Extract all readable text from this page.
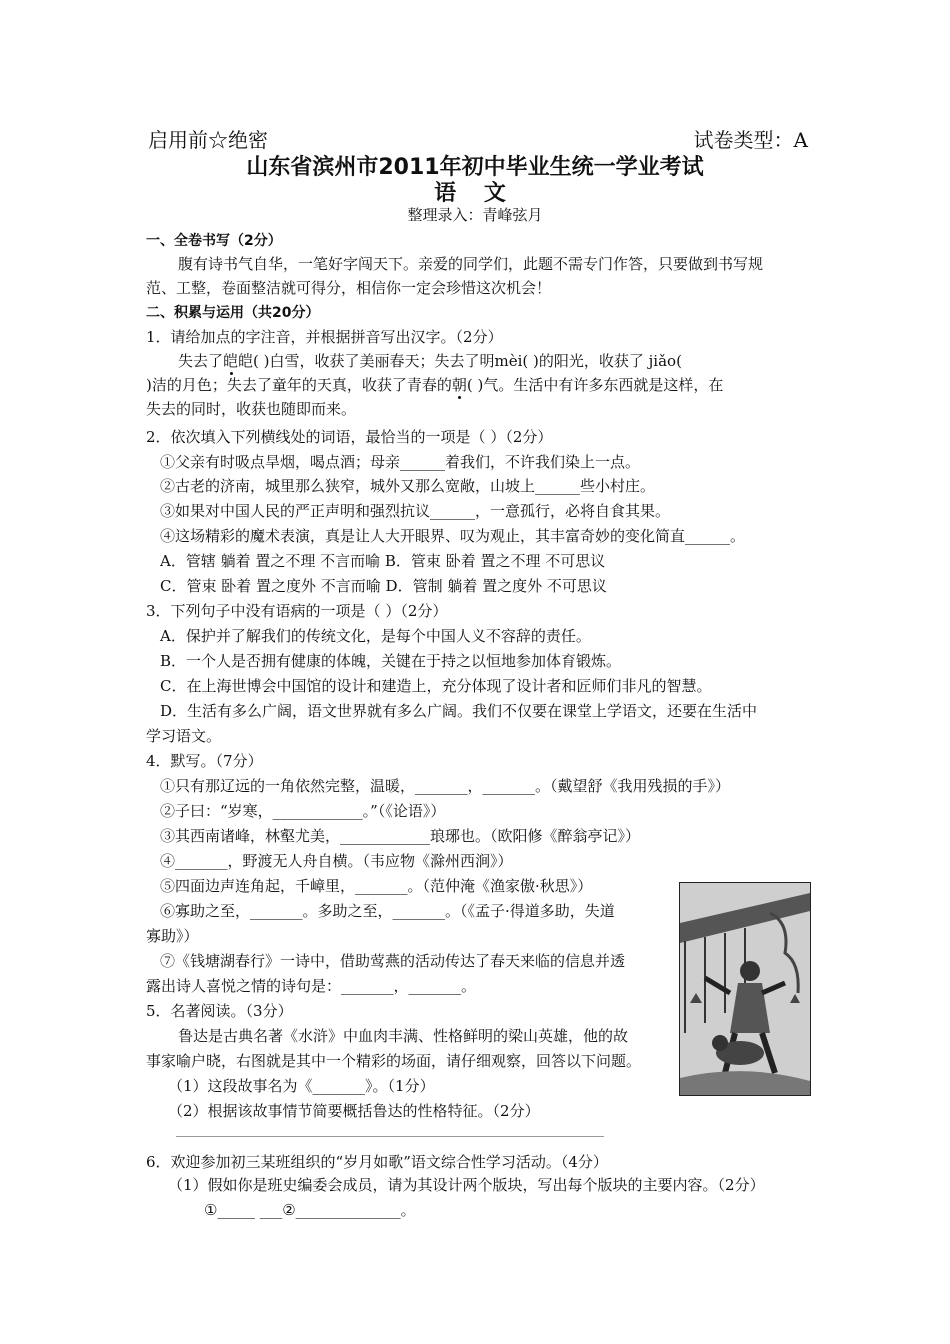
启用前☆绝密	试卷类型：A
山东省滨州市2011年初中毕业生统一学业考试
语 文
整理录入：青峰弦月
一、全卷书写（2分）
腹有诗书气自华，一笔好字闯天下。亲爱的同学们，此题不需专门作答，只要做到书写规
范、工整，卷面整洁就可得分，相信你一定会珍惜这次机会！
二、积累与运用（共20分）
1．请给加点的字注音，并根据拼音写出汉字。（2分）
失去了皑皑( )白雪，收获了美丽春天；失去了明mèi( )的阳光，收获了 jiǎo(
)洁的月色；失去了童年的天真，收获了青春的朝( )气。生活中有许多东西就是这样，在
失去的同时，收获也随即而来。
2．依次填入下列横线处的词语，最恰当的一项是（ ）（2分）
①父亲有时吸点旱烟，喝点酒；母亲______着我们，不许我们染上一点。
②古老的济南，城里那么狭窄，城外又那么宽敞，山坡上______些小村庄。
③如果对中国人民的严正声明和强烈抗议______，一意孤行，必将自食其果。
④这场精彩的魔术表演，真是让人大开眼界、叹为观止，其丰富奇妙的变化简直______。
A．管辖 躺着 置之不理 不言而喻 B．管束 卧着 置之不理 不可思议
C．管束 卧着 置之度外 不言而喻 D．管制 躺着 置之度外 不可思议
3．下列句子中没有语病的一项是（ ）（2分）
A．保护并了解我们的传统文化，是每个中国人义不容辞的责任。
B．一个人是否拥有健康的体魄，关键在于持之以恒地参加体育锻炼。
C．在上海世博会中国馆的设计和建造上，充分体现了设计者和匠师们非凡的智慧。
D．生活有多么广阔，语文世界就有多么广阔。我们不仅要在课堂上学语文，还要在生活中
学习语文。
4．默写。（7分）
①只有那辽远的一角依然完整，温暖，_______，_______。（戴望舒《我用残损的手》）
②子曰：“岁寒，____________。”（《论语》）
③其西南诸峰，林壑尤美，____________琅琊也。（欧阳修《醉翁亭记》）
④_______，野渡无人舟自横。（韦应物《滁州西涧》）
⑤四面边声连角起，千嶂里，_______。（范仲淹《渔家傲·秋思》）
⑥寡助之至，_______。多助之至，_______。（《孟子·得道多助，失道
寡助》）
⑦《钱塘湖春行》一诗中，借助莺燕的活动传达了春天来临的信息并透
露出诗人喜悦之情的诗句是：_______，_______。
5．名著阅读。（3分）
鲁达是古典名著《水浒》中血肉丰满、性格鲜明的梁山英雄，他的故
事家喻户晓，右图就是其中一个精彩的场面，请仔细观察，回答以下问题。
（1）这段故事名为《_______》。（1分）
（2）根据该故事情节简要概括鲁达的性格特征。（2分）
6．欢迎参加初三某班组织的“岁月如歌”语文综合性学习活动。（4分）
（1）假如你是班史编委会成员，请为其设计两个版块，写出每个版块的主要内容。（2分）
①_____ ___②______________。
